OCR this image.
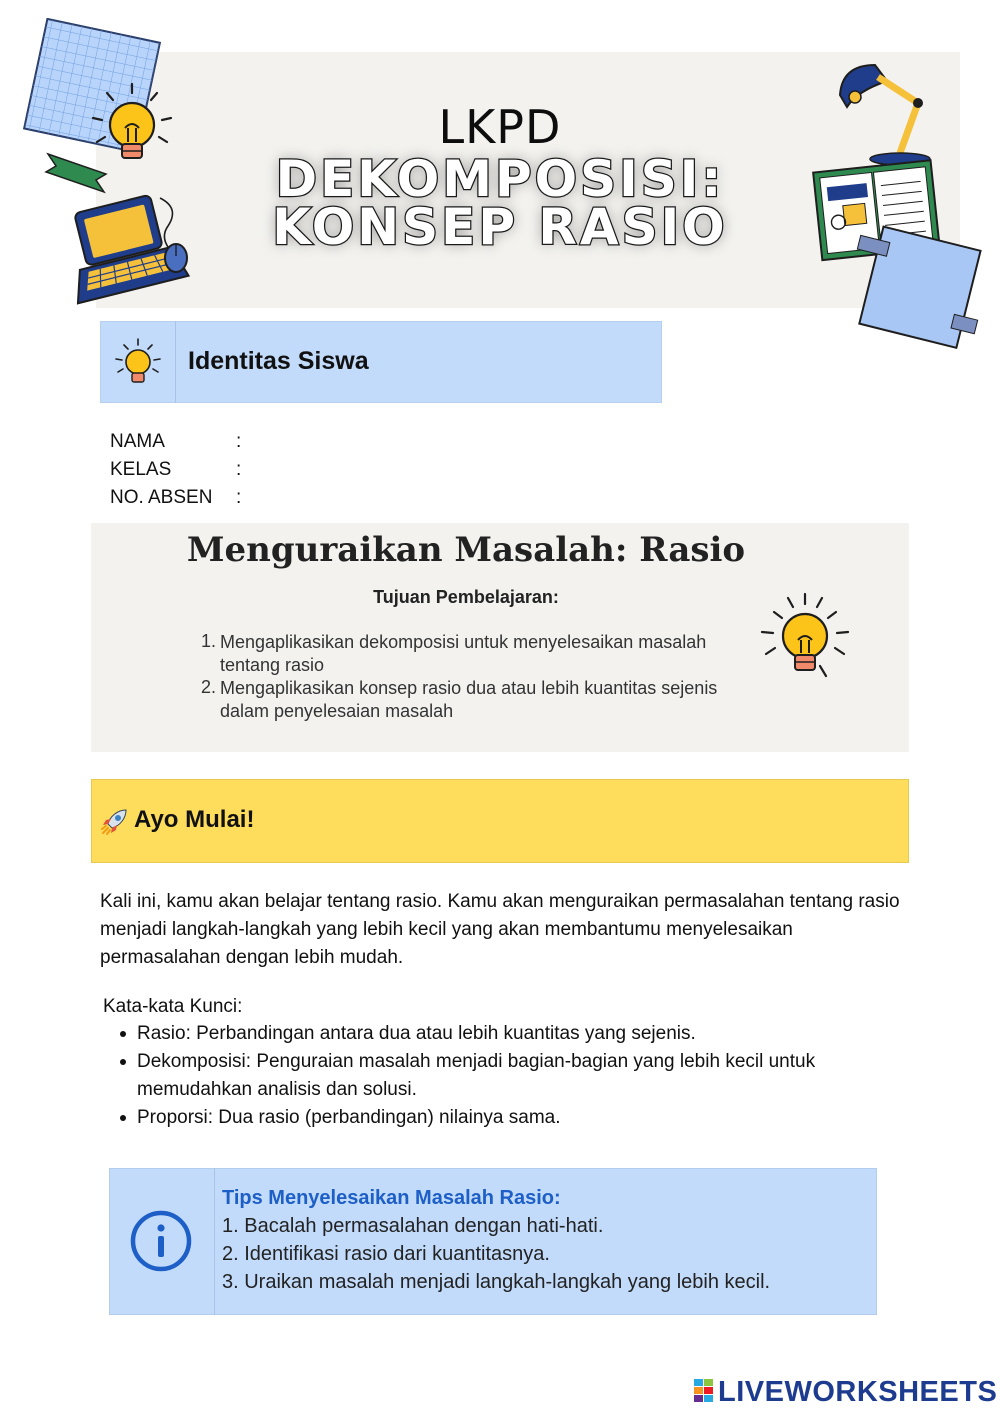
LKPD
DEKOMPOSISI:
KONSEP RASIO
Identitas Siswa
NAMA	:
KELAS	:
NO. ABSEN :
Menguraikan Masalah: Rasio
Tujuan Pembelajaran:
1. Mengaplikasikan dekomposisi untuk menyelesaikan masalah tentang rasio
2. Mengaplikasikan konsep rasio dua atau lebih kuantitas sejenis dalam penyelesaian masalah
Ayo Mulai!
Kali ini, kamu akan belajar tentang rasio. Kamu akan menguraikan permasalahan tentang rasio menjadi langkah-langkah yang lebih kecil yang akan membantumu menyelesaikan permasalahan dengan lebih mudah.
Kata-kata Kunci:
Rasio: Perbandingan antara dua atau lebih kuantitas yang sejenis.
Dekomposisi: Penguraian masalah menjadi bagian-bagian yang lebih kecil untuk memudahkan analisis dan solusi.
Proporsi: Dua rasio (perbandingan) nilainya sama.
Tips Menyelesaikan Masalah Rasio:
1. Bacalah permasalahan dengan hati-hati.
2. Identifikasi rasio dari kuantitasnya.
3. Uraikan masalah menjadi langkah-langkah yang lebih kecil.
LIVEWORKSHEETS
